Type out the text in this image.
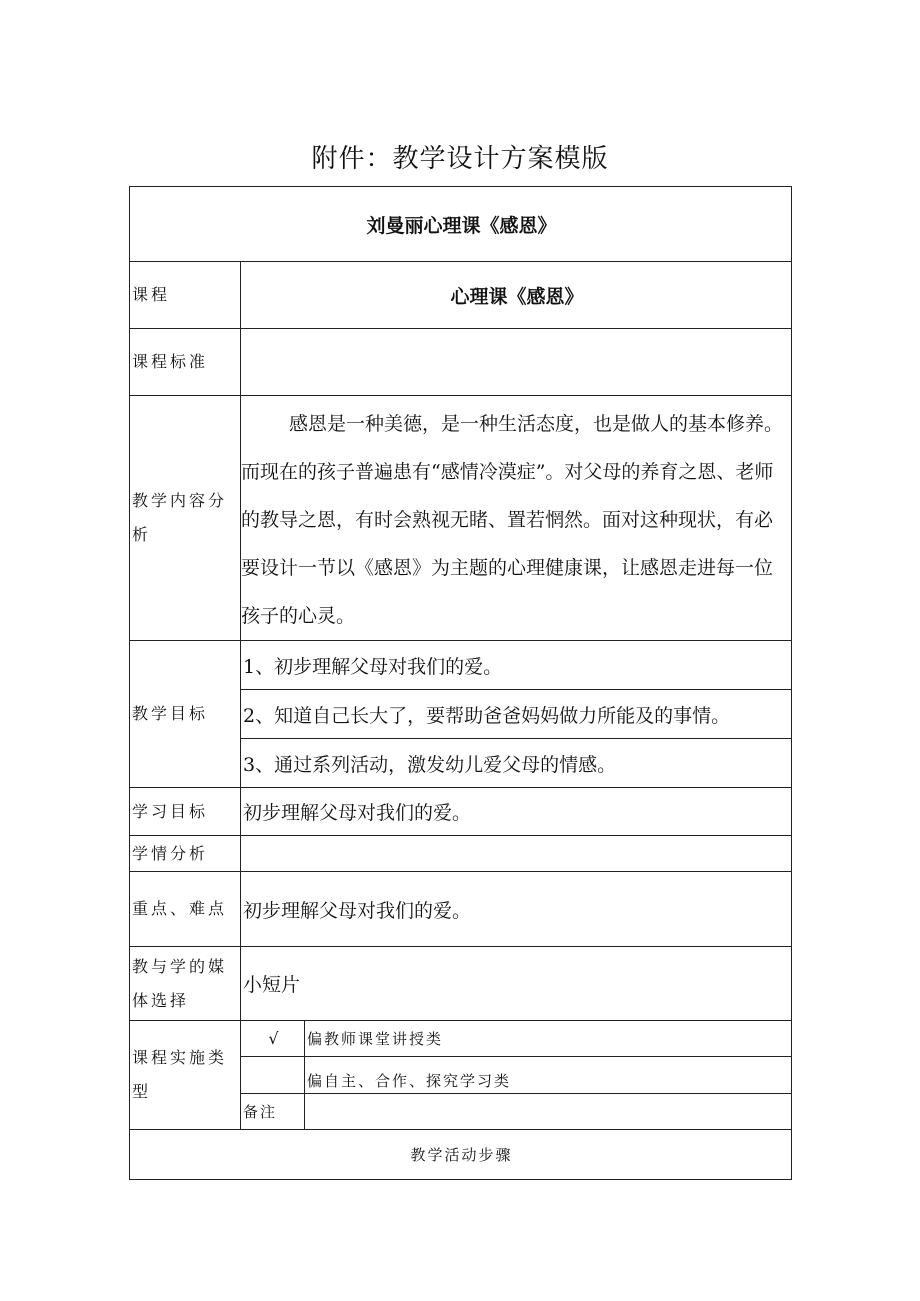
附件：教学设计方案模版
刘曼丽心理课《感恩》		
课程	心理课《感恩》	
课程标准		
教学内容分析	感恩是一种美德，是一种生活态度，也是做人的基本修养。而现在的孩子普遍患有“感情冷漠症”。对父母的养育之恩、老师的教导之恩，有时会熟视无睹、置若惘然。面对这种现状，有必要设计一节以《感恩》为主题的心理健康课，让感恩走进每一位孩子的心灵。	

教学目标	1、初步理解父母对我们的爱。	
	2、知道自己长大了，要帮助爸爸妈妈做力所能及的事情。	
	3、通过系列活动，激发幼儿爱父母的情感。	
学习目标	初步理解父母对我们的爱。	
学情分析		
重点、难点	初步理解父母对我们的爱。	
教与学的媒体选择	小短片	
课程实施类型	√	偏教师课堂讲授类
		偏自主、合作、探究学习类
	备注	
教学活动步骤		
